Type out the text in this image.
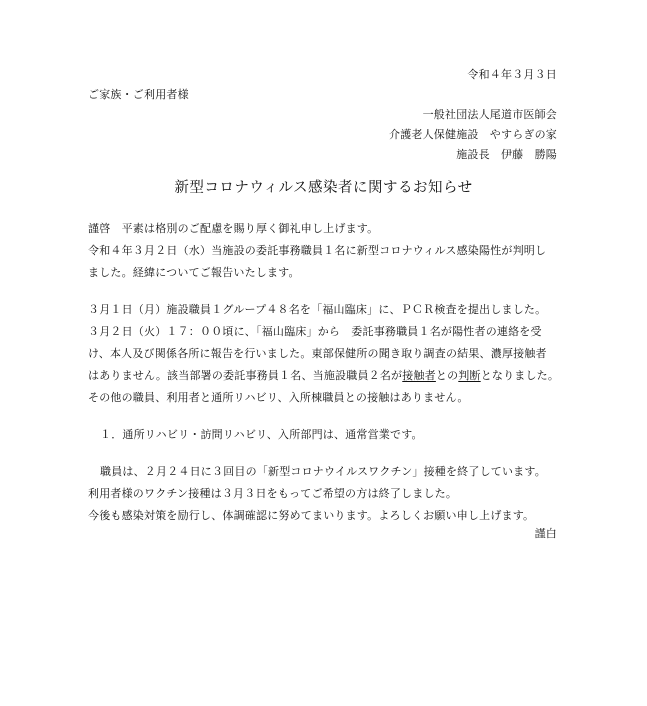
令和４年３月３日
ご家族・ご利用者様
一般社団法人尾道市医師会
介護老人保健施設　やすらぎの家
施設長　伊藤　勝陽
新型コロナウィルス感染者に関するお知らせ
謹啓　平素は格別のご配慮を賜り厚く御礼申し上げます。
令和４年３月２日（水）当施設の委託事務職員１名に新型コロナウィルス感染陽性が判明し
ました。経緯についてご報告いたします。
３月１日（月）施設職員１グループ４８名を「福山臨床」に、ＰＣＲ検査を提出しました。
３月２日（火）１７：００頃に、「福山臨床」から　委託事務職員１名が陽性者の連絡を受
け、本人及び関係各所に報告を行いました。東部保健所の聞き取り調査の結果、濃厚接触者
はありません。該当部署の委託事務員１名、当施設職員２名が接触者との判断となりました。
その他の職員、利用者と通所リハビリ、入所棟職員との接触はありません。
１．通所リハビリ・訪問リハビリ、入所部門は、通常営業です。
職員は、２月２４日に３回目の「新型コロナウイルスワクチン」接種を終了しています。
利用者様のワクチン接種は３月３日をもってご希望の方は終了しました。
今後も感染対策を励行し、体調確認に努めてまいります。よろしくお願い申し上げます。
謹白
